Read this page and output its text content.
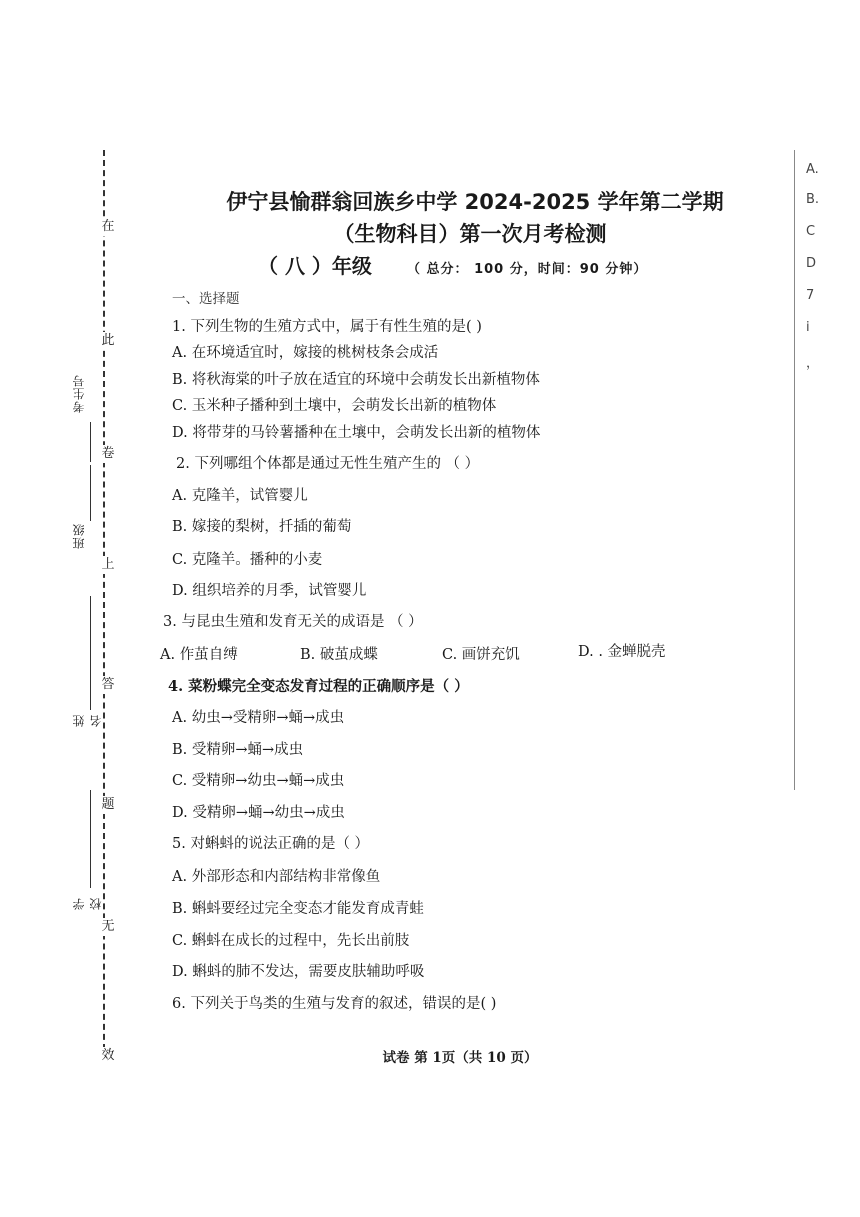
在
此
卷
上
答
题
无
效
考生号
班级
姓名
学校
A.
B.
C
D
7
i
，
伊宁县愉群翁回族乡中学 2024-2025 学年第二学期
（生物科目）第一次月考检测
（ 八 ）年级	（ 总分： 100 分，时间：90 分钟）
一、选择题
1. 下列生物的生殖方式中，属于有性生殖的是( )
A. 在环境适宜时，嫁接的桃树枝条会成活
B. 将秋海棠的叶子放在适宜的环境中会萌发长出新植物体
C. 玉米种子播种到土壤中，会萌发长出新的植物体
D. 将带芽的马铃薯播种在土壤中，会萌发长出新的植物体
2. 下列哪组个体都是通过无性生殖产生的 （ ）
A. 克隆羊，试管婴儿
B. 嫁接的梨树，扦插的葡萄
C. 克隆羊。播种的小麦
D. 组织培养的月季，试管婴儿
3. 与昆虫生殖和发育无关的成语是 （ ）
A. 作茧自缚	B. 破茧成蝶	C. 画饼充饥	D. . 金蝉脱壳
4. 菜粉蝶完全变态发育过程的正确顺序是（ ）
A. 幼虫→受精卵→蛹→成虫
B. 受精卵→蛹→成虫
C. 受精卵→幼虫→蛹→成虫
D. 受精卵→蛹→幼虫→成虫
5. 对蝌蚪的说法正确的是（ ）
A. 外部形态和内部结构非常像鱼
B. 蝌蚪要经过完全变态才能发育成青蛙
C. 蝌蚪在成长的过程中，先长出前肢
D. 蝌蚪的肺不发达，需要皮肤辅助呼吸
6. 下列关于鸟类的生殖与发育的叙述，错误的是( )
试卷 第 1页（共 10 页）
